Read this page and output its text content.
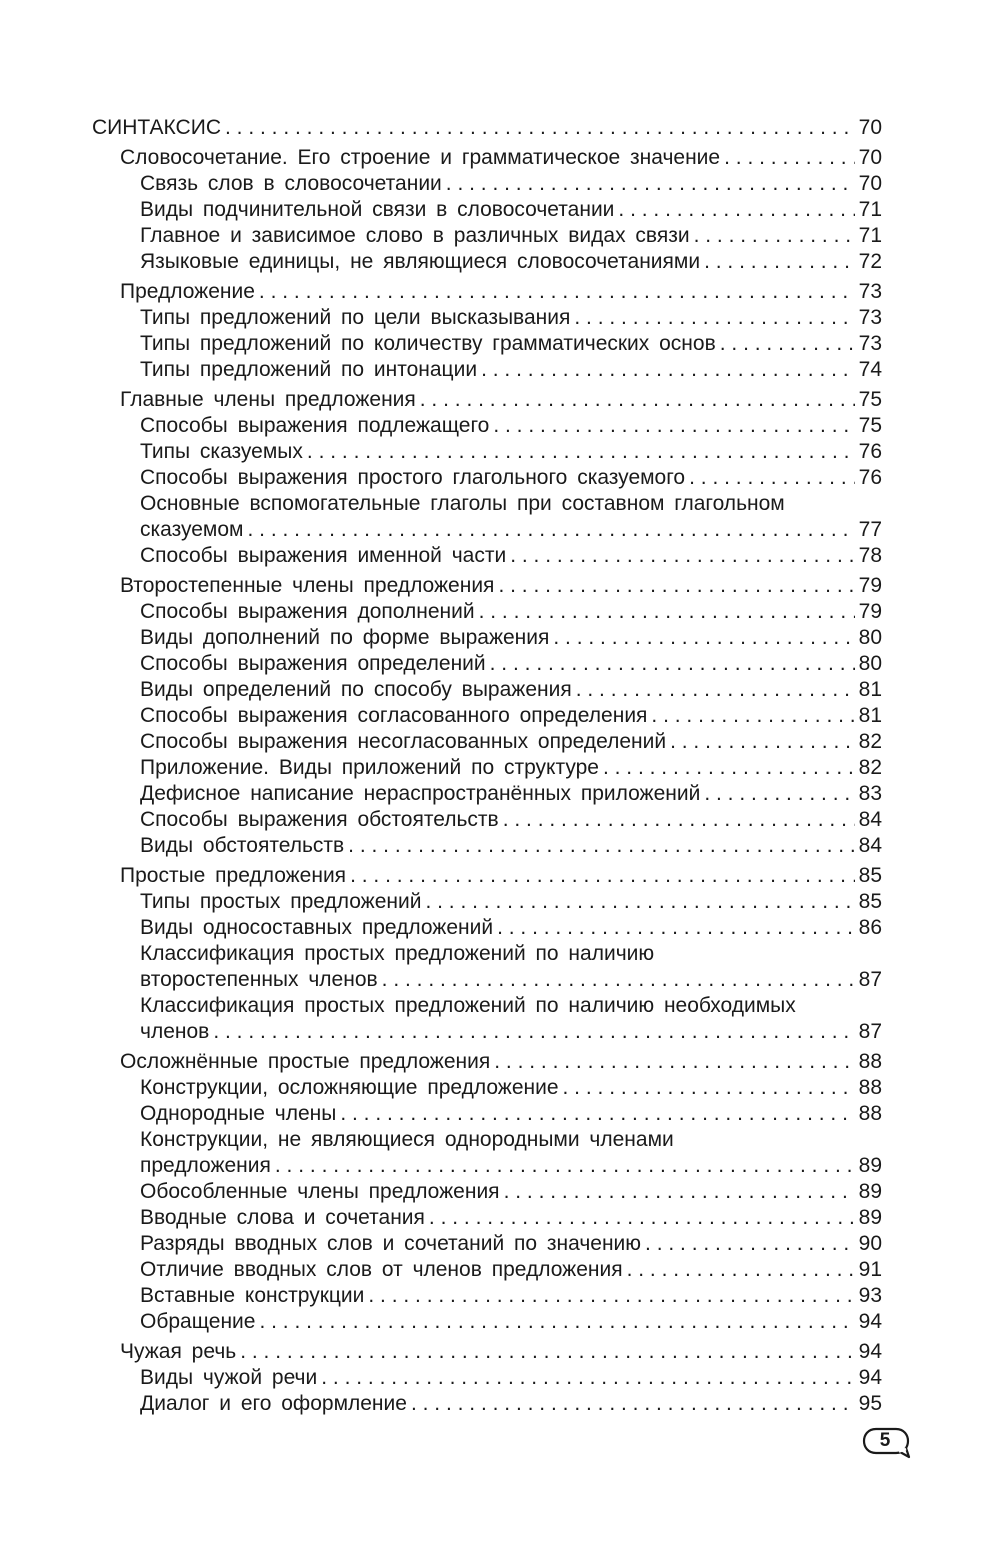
СИНТАКСИС . . .	70
Словосочетание. Его строение и грамматическое значение . . .	70
Связь слов в словосочетании . . .	70
Виды подчинительной связи в словосочетании . . .	71
Главное и зависимое слово в различных видах связи . . .	71
Языковые единицы, не являющиеся словосочетаниями . . .	72
Предложение . . .	73
Типы предложений по цели высказывания . . .	73
Типы предложений по количеству грамматических основ . . .	73
Типы предложений по интонации . . .	74
Главные члены предложения . . .	75
Способы выражения подлежащего . . .	75
Типы сказуемых . . .	76
Способы выражения простого глагольного сказуемого . . .	76
Основные вспомогательные глаголы при составном глагольном
сказуемом . . .	77
Способы выражения именной части . . .	78
Второстепенные члены предложения . . .	79
Способы выражения дополнений . . .	79
Виды дополнений по форме выражения . . .	80
Способы выражения определений . . .	80
Виды определений по способу выражения . . .	81
Способы выражения согласованного определения . . .	81
Способы выражения несогласованных определений . . .	82
Приложение. Виды приложений по структуре . . .	82
Дефисное написание нераспространённых приложений . . .	83
Способы выражения обстоятельств . . .	84
Виды обстоятельств . . .	84
Простые предложения . . .	85
Типы простых предложений . . .	85
Виды односоставных предложений . . .	86
Классификация простых предложений по наличию
второстепенных членов . . .	87
Классификация простых предложений по наличию необходимых
членов . . .	87
Осложнённые простые предложения . . .	88
Конструкции, осложняющие предложение . . .	88
Однородные члены . . .	88
Конструкции, не являющиеся однородными членами
предложения . . .	89
Обособленные члены предложения . . .	89
Вводные слова и сочетания . . .	89
Разряды вводных слов и сочетаний по значению . . .	90
Отличие вводных слов от членов предложения . . .	91
Вставные конструкции . . .	93
Обращение . . .	94
Чужая речь . . .	94
Виды чужой речи . . .	94
Диалог и его оформление . . .	95
5
